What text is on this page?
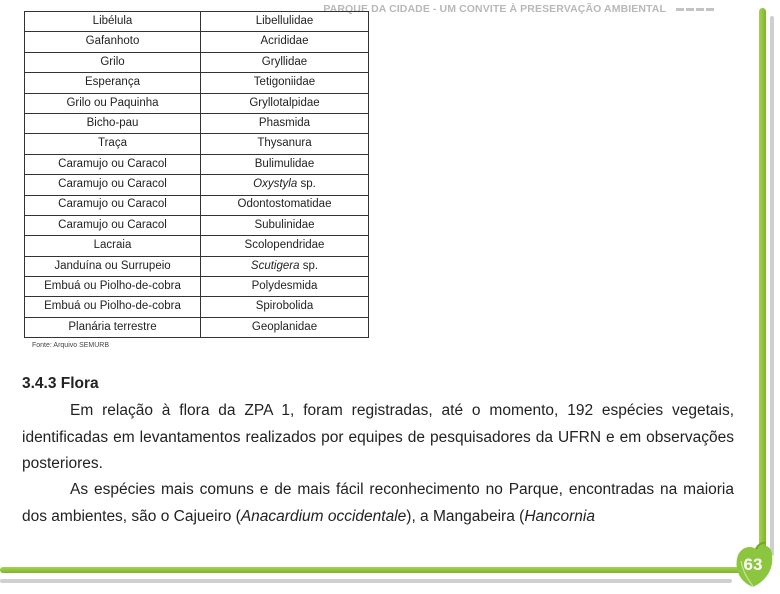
PARQUE DA CIDADE - UM CONVITE À PRESERVAÇÃO AMBIENTAL
Libélula	Libellulidae
Gafanhoto	Acrididae
Grilo	Gryllidae
Esperança	Tetigoniidae
Grilo ou Paquinha	Gryllotalpidae
Bicho-pau	Phasmida
Traça	Thysanura
Caramujo ou Caracol	Bulimulidae
Caramujo ou Caracol	Oxystyla sp.
Caramujo ou Caracol	Odontostomatidae
Caramujo ou Caracol	Subulinidae
Lacraia	Scolopendridae
Janduína ou Surrupeio	Scutigera sp.
Embuá ou Piolho-de-cobra	Polydesmida
Embuá ou Piolho-de-cobra	Spirobolida
Planária terrestre	Geoplanidae
Fonte: Arquivo SEMURB
3.4.3 Flora
Em relação à flora da ZPA 1, foram registradas, até o momento, 192 espécies vegetais, identificadas em levantamentos realizados por equipes de pesquisadores da UFRN e em observações posteriores.
As espécies mais comuns e de mais fácil reconhecimento no Parque, encontradas na maioria dos ambientes, são o Cajueiro (Anacardium occidentale), a Mangabeira (Hancornia
63
